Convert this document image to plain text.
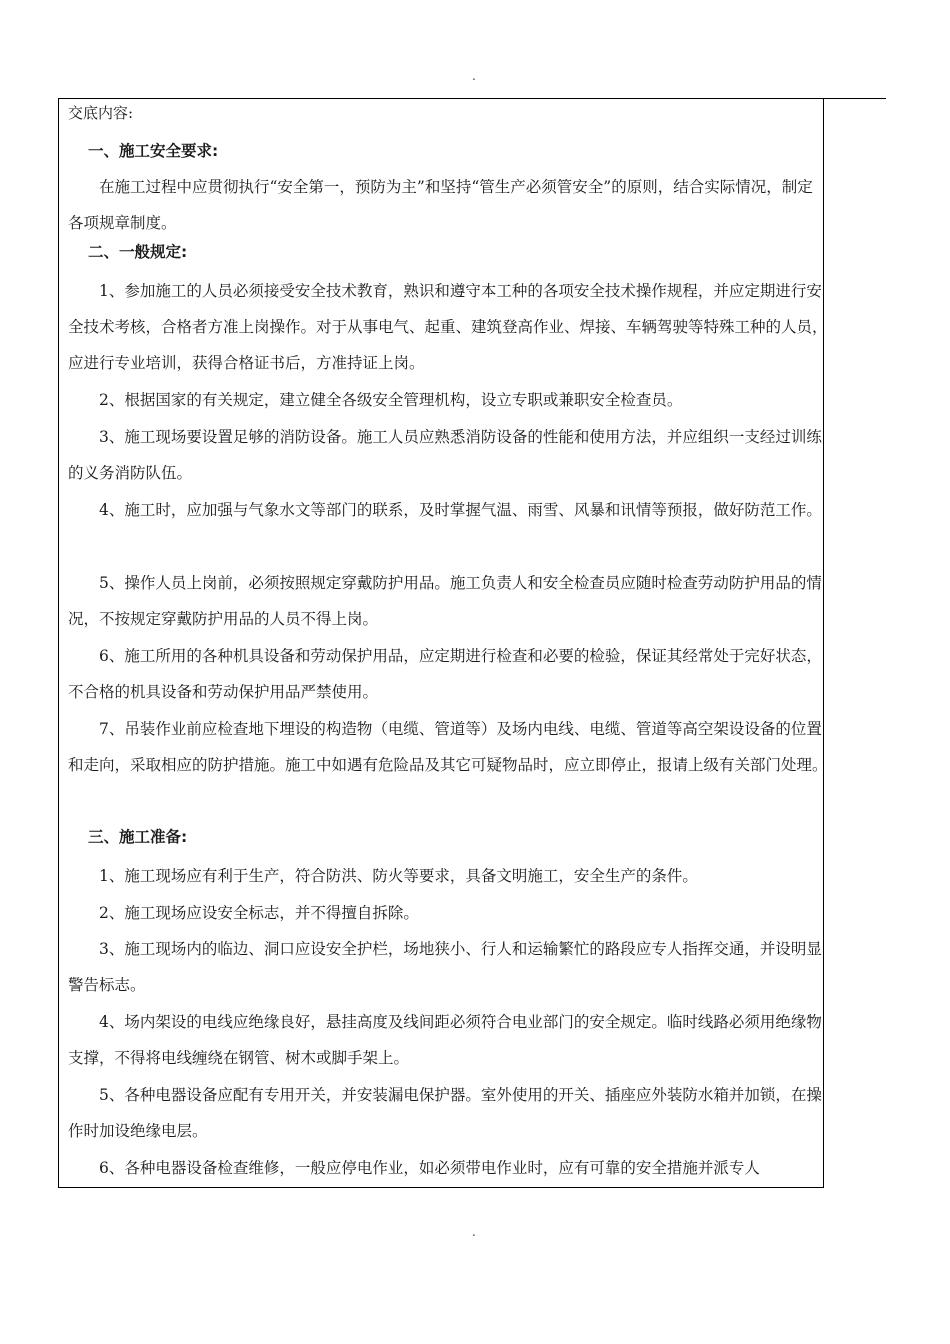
.

交底内容:

一、施工安全要求:

在施工过程中应贯彻执行“安全第一，预防为主”和坚持“管生产必须管安全”的原则，结合实际情况，制定各项规章制度。

二、一般规定:

1、参加施工的人员必须接受安全技术教育，熟识和遵守本工种的各项安全技术操作规程，并应定期进行安全技术考核，合格者方准上岗操作。对于从事电气、起重、建筑登高作业、焊接、车辆驾驶等特殊工种的人员，应进行专业培训，获得合格证书后，方准持证上岗。

2、根据国家的有关规定，建立健全各级安全管理机构，设立专职或兼职安全检查员。

3、施工现场要设置足够的消防设备。施工人员应熟悉消防设备的性能和使用方法，并应组织一支经过训练的义务消防队伍。

4、施工时，应加强与气象水文等部门的联系，及时掌握气温、雨雪、风暴和讯情等预报，做好防范工作。

5、操作人员上岗前，必须按照规定穿戴防护用品。施工负责人和安全检查员应随时检查劳动防护用品的情况，不按规定穿戴防护用品的人员不得上岗。

6、施工所用的各种机具设备和劳动保护用品，应定期进行检查和必要的检验，保证其经常处于完好状态，不合格的机具设备和劳动保护用品严禁使用。

7、吊装作业前应检查地下埋设的构造物（电缆、管道等）及场内电线、电缆、管道等高空架设设备的位置和走向，采取相应的防护措施。施工中如遇有危险品及其它可疑物品时，应立即停止，报请上级有关部门处理。

三、施工准备:

1、施工现场应有利于生产，符合防洪、防火等要求，具备文明施工，安全生产的条件。

2、施工现场应设安全标志，并不得擅自拆除。

3、施工现场内的临边、洞口应设安全护栏，场地狭小、行人和运输繁忙的路段应专人指挥交通，并设明显警告标志。

4、场内架设的电线应绝缘良好，悬挂高度及线间距必须符合电业部门的安全规定。临时线路必须用绝缘物支撑，不得将电线缠绕在钢管、树木或脚手架上。

5、各种电器设备应配有专用开关，并安装漏电保护器。室外使用的开关、插座应外装防水箱并加锁，在操作时加设绝缘电层。

6、各种电器设备检查维修，一般应停电作业，如必须带电作业时，应有可靠的安全措施并派专人

.
